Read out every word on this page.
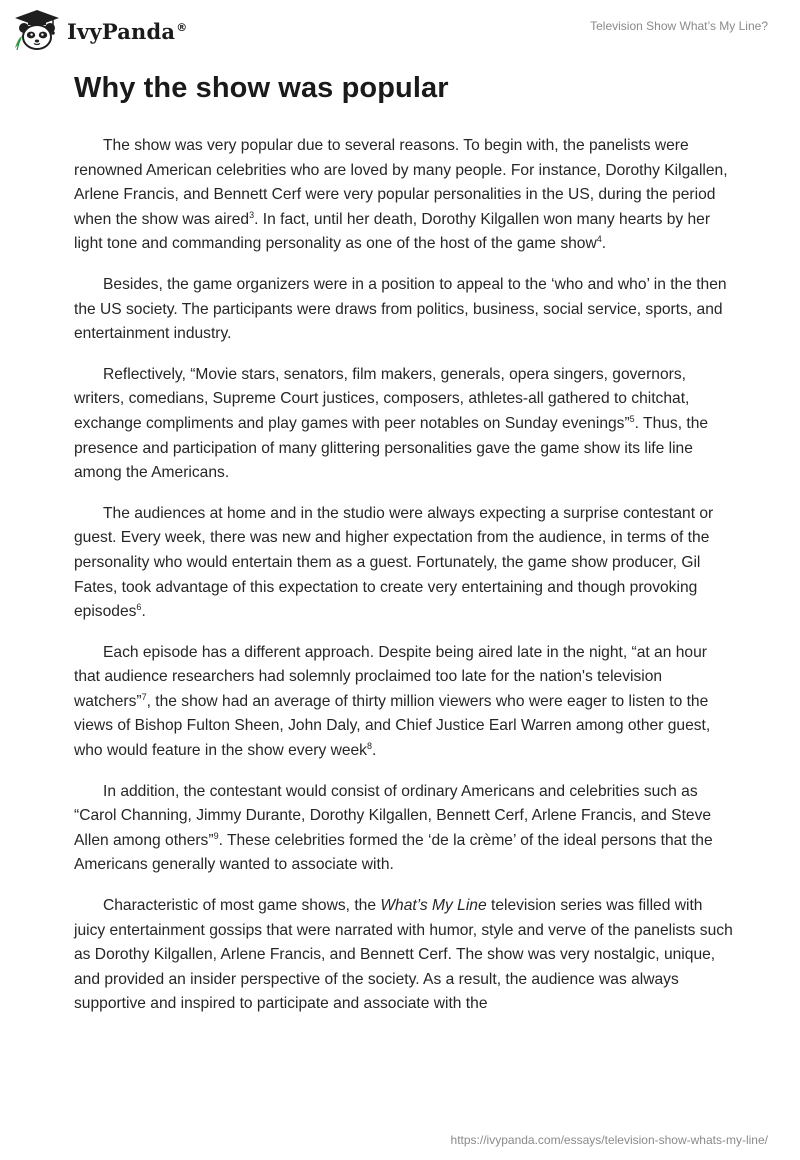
IvyPanda®	Television Show What’s My Line?
Why the show was popular

The show was very popular due to several reasons. To begin with, the panelists were renowned American celebrities who are loved by many people. For instance, Dorothy Kilgallen, Arlene Francis, and Bennett Cerf were very popular personalities in the US, during the period when the show was aired$^3$. In fact, until her death, Dorothy Kilgallen won many hearts by her light tone and commanding personality as one of the host of the game show$^4$.

Besides, the game organizers were in a position to appeal to the ‘who and who’ in the then the US society. The participants were draws from politics, business, social service, sports, and entertainment industry.

Reflectively, “Movie stars, senators, film makers, generals, opera singers, governors, writers, comedians, Supreme Court justices, composers, athletes-all gathered to chitchat, exchange compliments and play games with peer notables on Sunday evenings”$^5$. Thus, the presence and participation of many glittering personalities gave the game show its life line among the Americans.

The audiences at home and in the studio were always expecting a surprise contestant or guest. Every week, there was new and higher expectation from the audience, in terms of the personality who would entertain them as a guest. Fortunately, the game show producer, Gil Fates, took advantage of this expectation to create very entertaining and though provoking episodes$^6$.

Each episode has a different approach. Despite being aired late in the night, “at an hour that audience researchers had solemnly proclaimed too late for the nation's television watchers”$^7$, the show had an average of thirty million viewers who were eager to listen to the views of Bishop Fulton Sheen, John Daly, and Chief Justice Earl Warren among other guest, who would feature in the show every week$^8$.

In addition, the contestant would consist of ordinary Americans and celebrities such as “Carol Channing, Jimmy Durante, Dorothy Kilgallen, Bennett Cerf, Arlene Francis, and Steve Allen among others”$^9$. These celebrities formed the ‘de la crème’ of the ideal persons that the Americans generally wanted to associate with.

Characteristic of most game shows, the What’s My Line television series was filled with juicy entertainment gossips that were narrated with humor, style and verve of the panelists such as Dorothy Kilgallen, Arlene Francis, and Bennett Cerf. The show was very nostalgic, unique, and provided an insider perspective of the society. As a result, the audience was always supportive and inspired to participate and associate with the

https://ivypanda.com/essays/television-show-whats-my-line/
